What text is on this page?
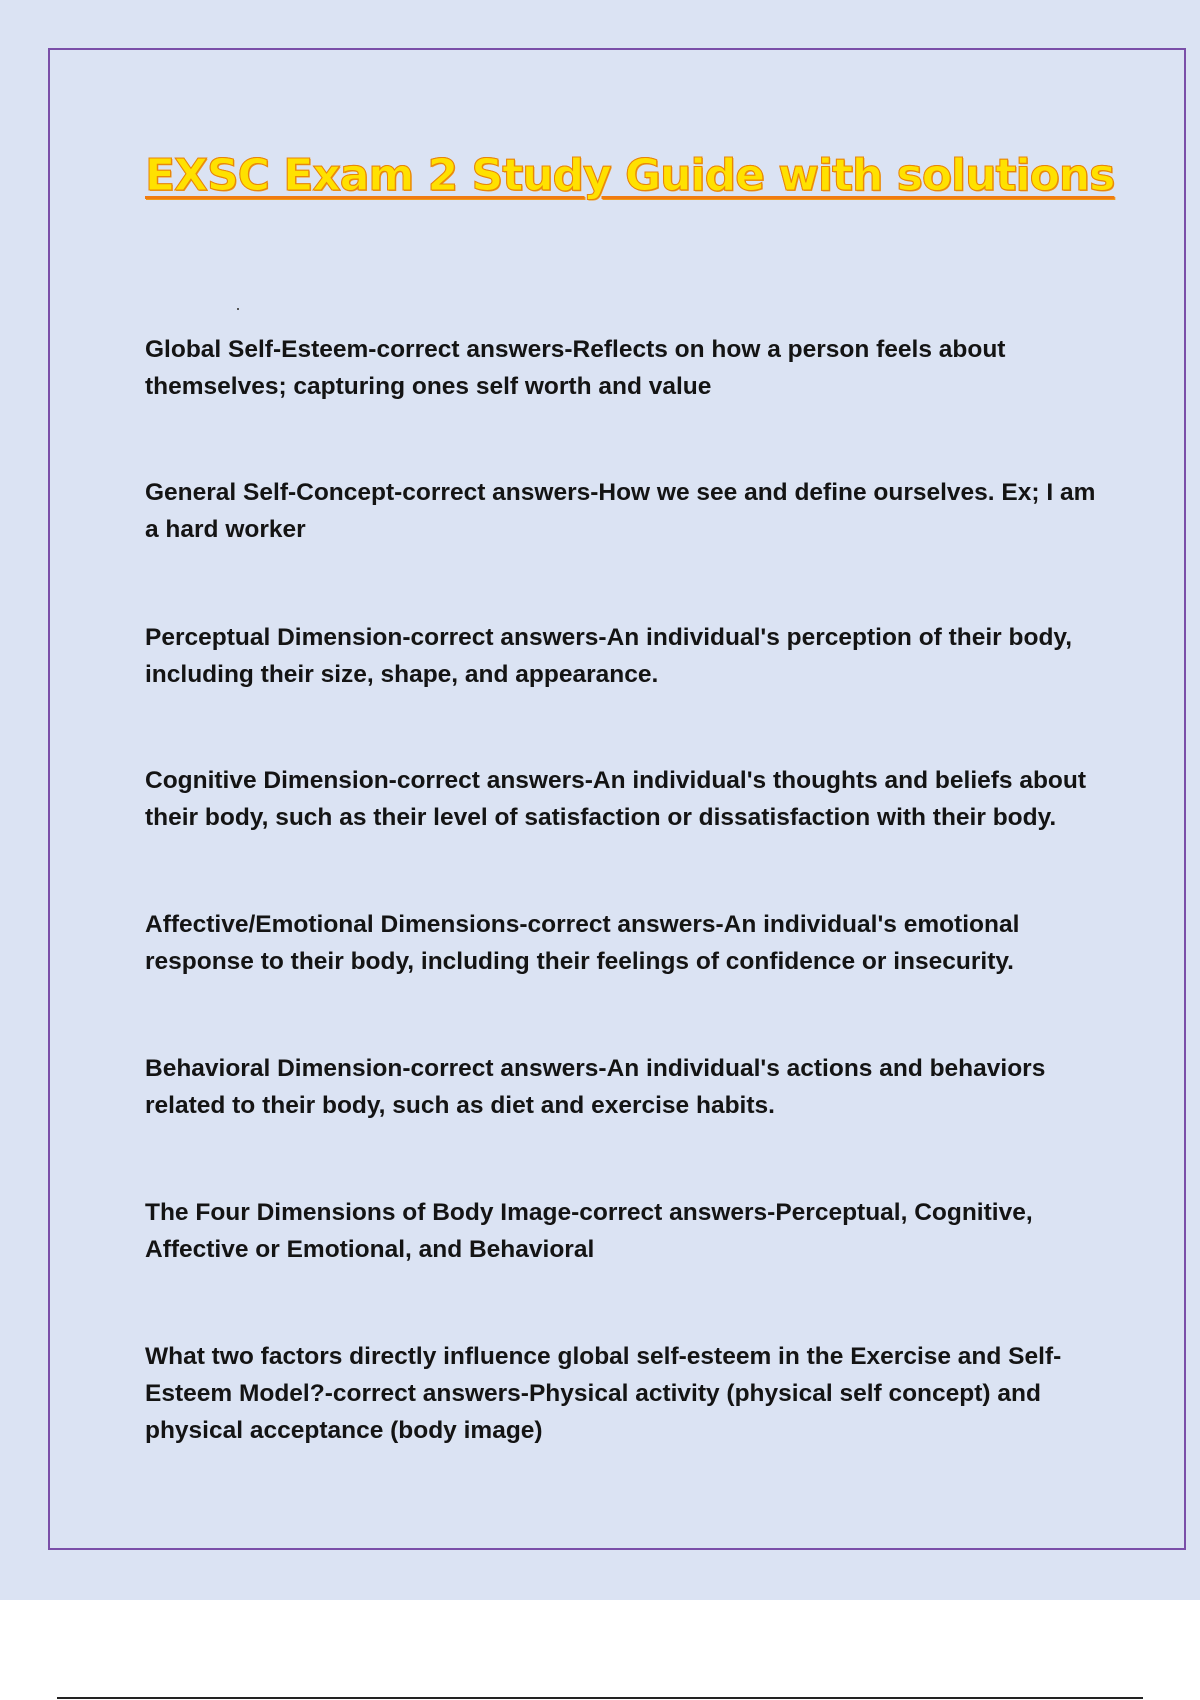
EXSC Exam 2 Study Guide with solutions

Global Self-Esteem-correct answers-Reflects on how a person feels about themselves; capturing ones self worth and value

General Self-Concept-correct answers-How we see and define ourselves. Ex; I am a hard worker

Perceptual Dimension-correct answers-An individual's perception of their body, including their size, shape, and appearance.

Cognitive Dimension-correct answers-An individual's thoughts and beliefs about their body, such as their level of satisfaction or dissatisfaction with their body.

Affective/Emotional Dimensions-correct answers-An individual's emotional response to their body, including their feelings of confidence or insecurity.

Behavioral Dimension-correct answers-An individual's actions and behaviors related to their body, such as diet and exercise habits.

The Four Dimensions of Body Image-correct answers-Perceptual, Cognitive, Affective or Emotional, and Behavioral

What two factors directly influence global self-esteem in the Exercise and Self-Esteem Model?-correct answers-Physical activity (physical self concept) and physical acceptance (body image)
